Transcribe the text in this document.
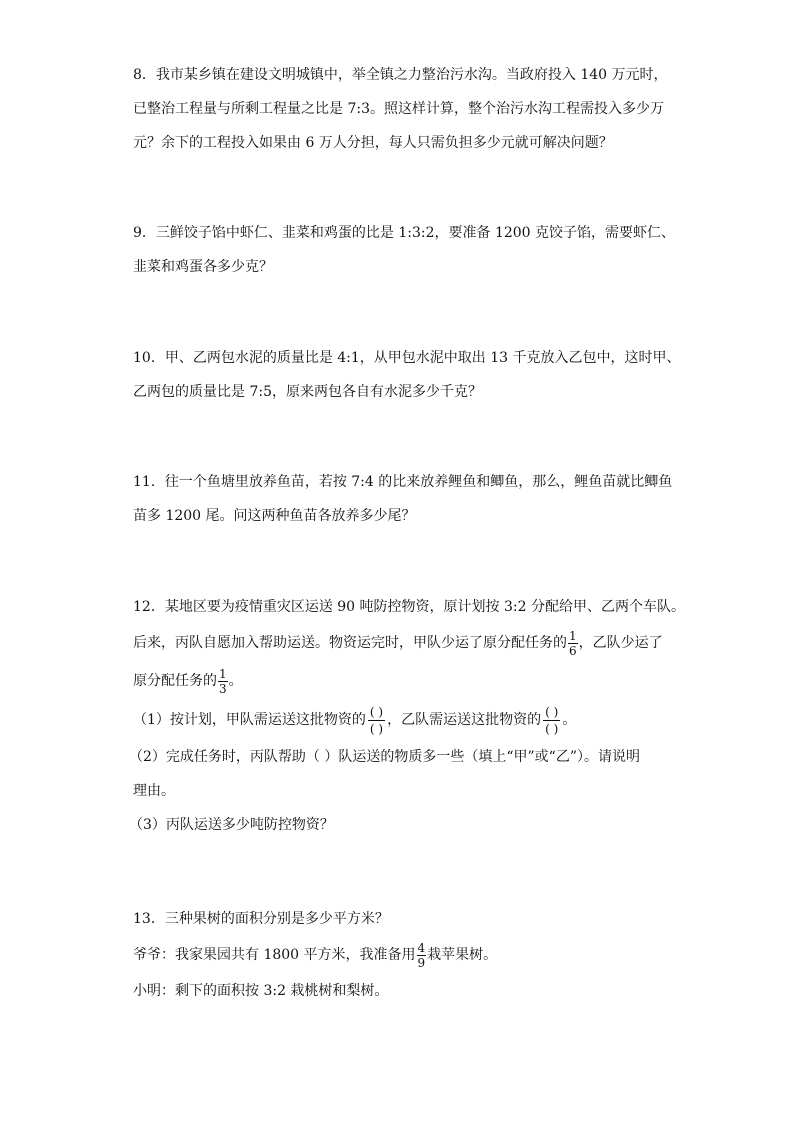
8．我市某乡镇在建设文明城镇中，举全镇之力整治污水沟。当政府投入 140 万元时，
已整治工程量与所剩工程量之比是 7:3。照这样计算，整个治污水沟工程需投入多少万
元？余下的工程投入如果由 6 万人分担，每人只需负担多少元就可解决问题？
9．三鲜饺子馅中虾仁、韭菜和鸡蛋的比是 1:3:2，要准备 1200 克饺子馅，需要虾仁、
韭菜和鸡蛋各多少克？
10．甲、乙两包水泥的质量比是 4:1，从甲包水泥中取出 13 千克放入乙包中，这时甲、
乙两包的质量比是 7:5，原来两包各自有水泥多少千克？
11．往一个鱼塘里放养鱼苗，若按 7:4 的比来放养鲤鱼和鲫鱼，那么，鲤鱼苗就比鲫鱼
苗多 1200 尾。问这两种鱼苗各放养多少尾？
12．某地区要为疫情重灾区运送 90 吨防控物资，原计划按 3:2 分配给甲、乙两个车队。
后来，丙队自愿加入帮助运送。物资运完时，甲队少运了原分配任务的 $\frac{1}{6}$ ，乙队少运了
原分配任务的 $\frac{1}{3}$ 。
（1）按计划，甲队需运送这批物资的 $\frac{( )}{( )}$ ，乙队需运送这批物资的 $\frac{( )}{( )}$ 。
（2）完成任务时，丙队帮助（ ）队运送的物质多一些（填上“甲”或“乙”）。请说明
理由。
（3）丙队运送多少吨防控物资？
13．三种果树的面积分别是多少平方米？
爷爷：我家果园共有 1800 平方米，我准备用 $\frac{4}{9}$ 栽苹果树。
小明：剩下的面积按 3:2 栽桃树和梨树。
